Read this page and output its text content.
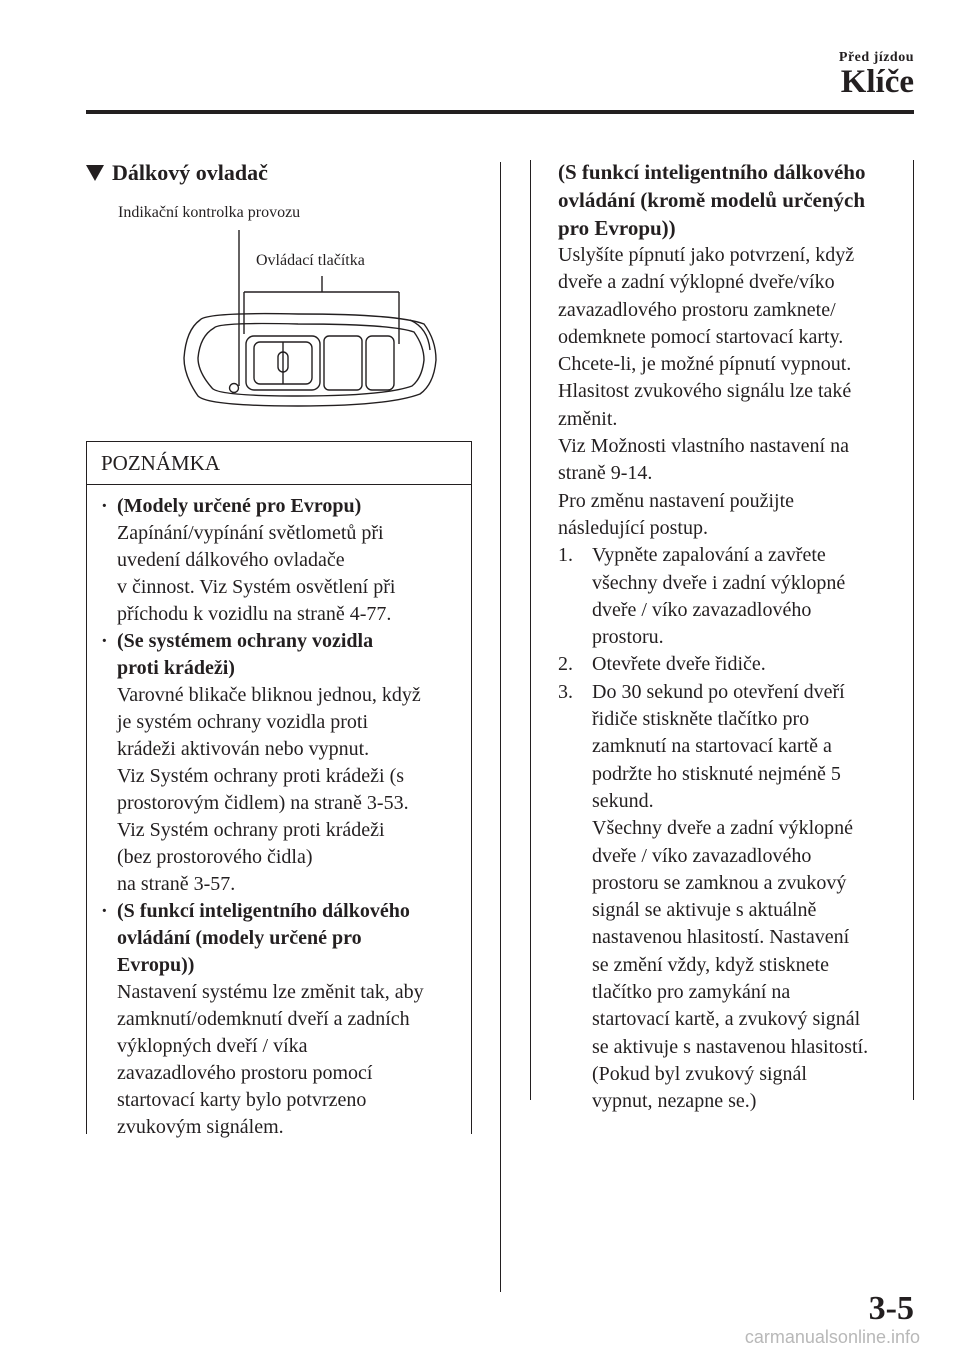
Před jízdou
Klíče
Dálkový ovladač
Indikační kontrolka provozu
Ovládací tlačítka
POZNÁMKA
· (Modely určené pro Evropu)
Zapínání/vypínání světlometů při
uvedení dálkového ovladače
v činnost. Viz Systém osvětlení při
příchodu k vozidlu na straně 4-77.
· (Se systémem ochrany vozidla
proti krádeži)
Varovné blikače bliknou jednou, když
je systém ochrany vozidla proti
krádeži aktivován nebo vypnut.
Viz Systém ochrany proti krádeži (s
prostorovým čidlem) na straně 3-53.
Viz Systém ochrany proti krádeži
(bez prostorového čidla)
na straně 3-57.
· (S funkcí inteligentního dálkového
ovládání (modely určené pro
Evropu))
Nastavení systému lze změnit tak, aby
zamknutí/odemknutí dveří a zadních
výklopných dveří / víka
zavazadlového prostoru pomocí
startovací karty bylo potvrzeno
zvukovým signálem.
(S funkcí inteligentního dálkového
ovládání (kromě modelů určených
pro Evropu))
Uslyšíte pípnutí jako potvrzení, když
dveře a zadní výklopné dveře/víko
zavazadlového prostoru zamknete/
odemknete pomocí startovací karty.
Chcete-li, je možné pípnutí vypnout.
Hlasitost zvukového signálu lze také
změnit.
Viz Možnosti vlastního nastavení na
straně 9-14.
Pro změnu nastavení použijte
následující postup.
1. Vypněte zapalování a zavřete
všechny dveře i zadní výklopné
dveře / víko zavazadlového
prostoru.
2. Otevřete dveře řidiče.
3. Do 30 sekund po otevření dveří
řidiče stiskněte tlačítko pro
zamknutí na startovací kartě a
podržte ho stisknuté nejméně 5
sekund.
Všechny dveře a zadní výklopné
dveře / víko zavazadlového
prostoru se zamknou a zvukový
signál se aktivuje s aktuálně
nastavenou hlasitostí. Nastavení
se změní vždy, když stisknete
tlačítko pro zamykání na
startovací kartě, a zvukový signál
se aktivuje s nastavenou hlasitostí.
(Pokud byl zvukový signál
vypnut, nezapne se.)
3-5
carmanualsonline.info
